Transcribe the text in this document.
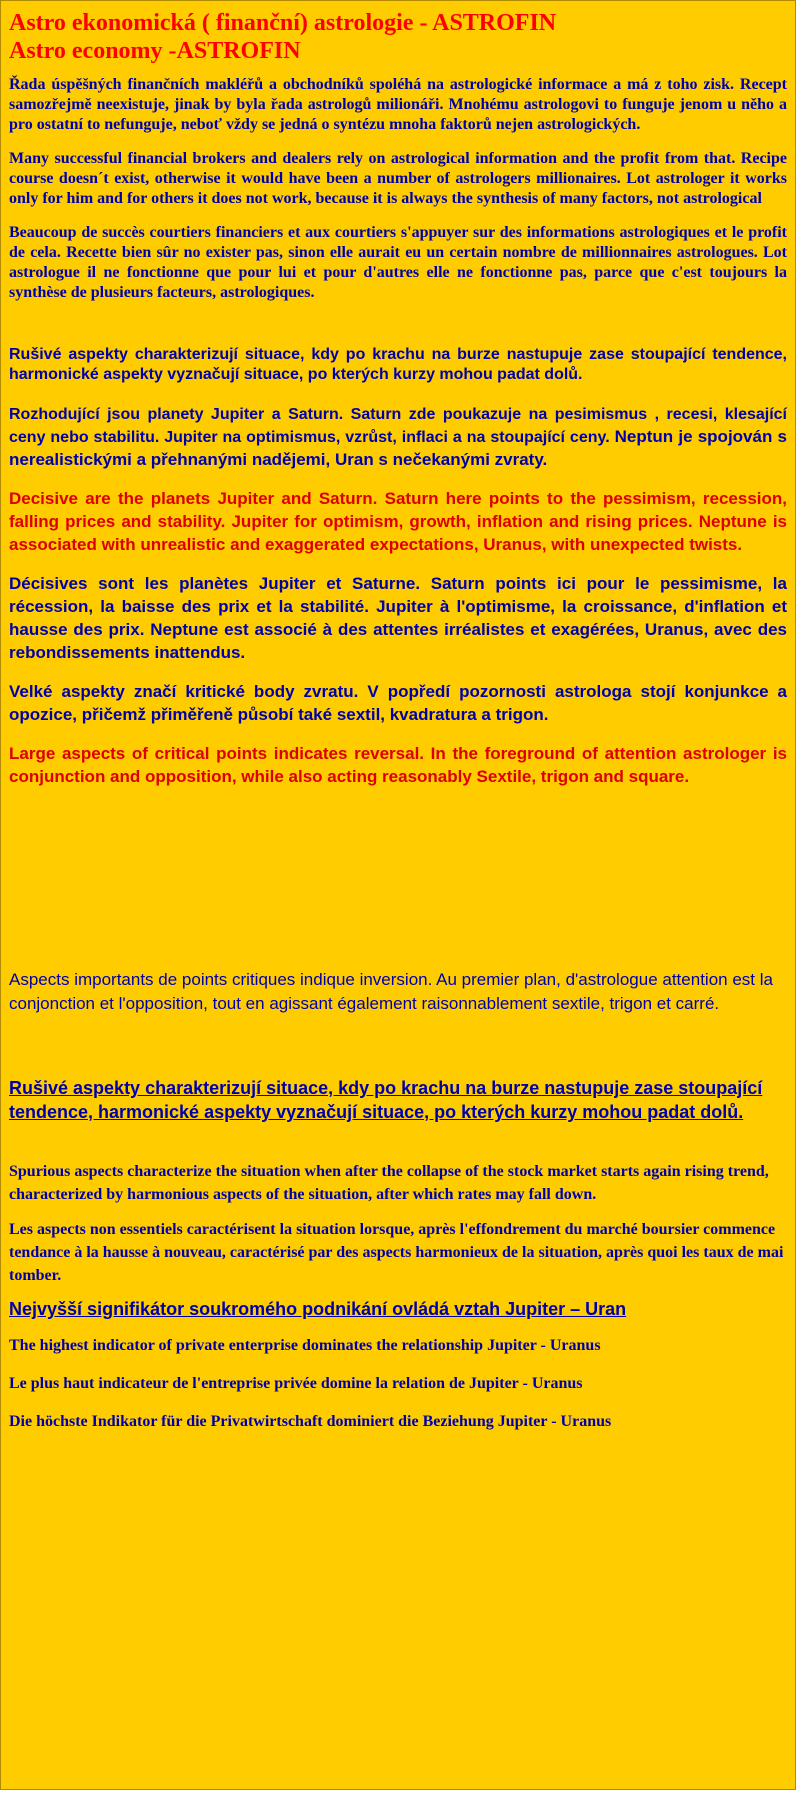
Astro ekonomická ( finanční) astrologie - ASTROFIN
Astro economy -ASTROFIN

Řada úspěšných finančních makléřů a obchodníků spoléhá na astrologické informace a má z toho zisk. Recept samozřejmě neexistuje, jinak by byla řada astrologů milionáři. Mnohému astrologovi to funguje jenom u něho a pro ostatní to nefunguje, neboť vždy se jedná o syntézu mnoha faktorů nejen astrologických.

Many successful financial brokers and dealers rely on astrological information and the profit from that. Recipe course doesn´t exist, otherwise it would have been a number of astrologers millionaires. Lot astrologer it works only for him and for others it does not work, because it is always the synthesis of many factors, not astrological

Beaucoup de succès courtiers financiers et aux courtiers s'appuyer sur des informations astrologiques et le profit de cela. Recette bien sûr no exister pas, sinon elle aurait eu un certain nombre de millionnaires astrologues. Lot astrologue il ne fonctionne que pour lui et pour d'autres elle ne fonctionne pas, parce que c'est toujours la synthèse de plusieurs facteurs, astrologiques.

Rušivé aspekty charakterizují situace, kdy po krachu na burze nastupuje zase stoupající tendence, harmonické aspekty vyznačují situace, po kterých kurzy mohou padat dolů.

Rozhodující jsou planety Jupiter a Saturn. Saturn zde poukazuje na pesimismus , recesi, klesající ceny nebo stabilitu. Jupiter na optimismus, vzrůst, inflaci a na stoupající ceny. Neptun je spojován s nerealistickými a přehnanými nadějemi, Uran s nečekanými zvraty.

Decisive are the planets Jupiter and Saturn. Saturn here points to the pessimism, recession, falling prices and stability. Jupiter for optimism, growth, inflation and rising prices. Neptune is associated with unrealistic and exaggerated expectations, Uranus, with unexpected twists.

Décisives sont les planètes Jupiter et Saturne. Saturn points ici pour le pessimisme, la récession, la baisse des prix et la stabilité. Jupiter à l'optimisme, la croissance, d'inflation et hausse des prix. Neptune est associé à des attentes irréalistes et exagérées, Uranus, avec des rebondissements inattendus.

Velké aspekty značí kritické body zvratu. V popředí pozornosti astrologa stojí konjunkce a opozice, přičemž přiměřeně působí také sextil, kvadratura a trigon.

Large aspects of critical points indicates reversal. In the foreground of attention astrologer is conjunction and opposition, while also acting reasonably Sextile, trigon and square.

Aspects importants de points critiques indique inversion. Au premier plan, d'astrologue attention est la conjonction et l'opposition, tout en agissant également raisonnablement sextile, trigon et carré.

Rušivé aspekty charakterizují situace, kdy po krachu na burze nastupuje zase stoupající tendence, harmonické aspekty vyznačují situace, po kterých kurzy mohou padat dolů.

Spurious aspects characterize the situation when after the collapse of the stock market starts again rising trend, characterized by harmonious aspects of the situation, after which rates may fall down.

Les aspects non essentiels caractérisent la situation lorsque, après l'effondrement du marché boursier commence tendance à la hausse à nouveau, caractérisé par des aspects harmonieux de la situation, après quoi les taux de mai tomber.

Nejvyšší signifikátor soukromého podnikání ovládá vztah Jupiter – Uran

The highest indicator of private enterprise dominates the relationship Jupiter - Uranus

Le plus haut indicateur de l'entreprise privée domine la relation de Jupiter - Uranus

Die höchste Indikator für die Privatwirtschaft dominiert die Beziehung Jupiter - Uranus
